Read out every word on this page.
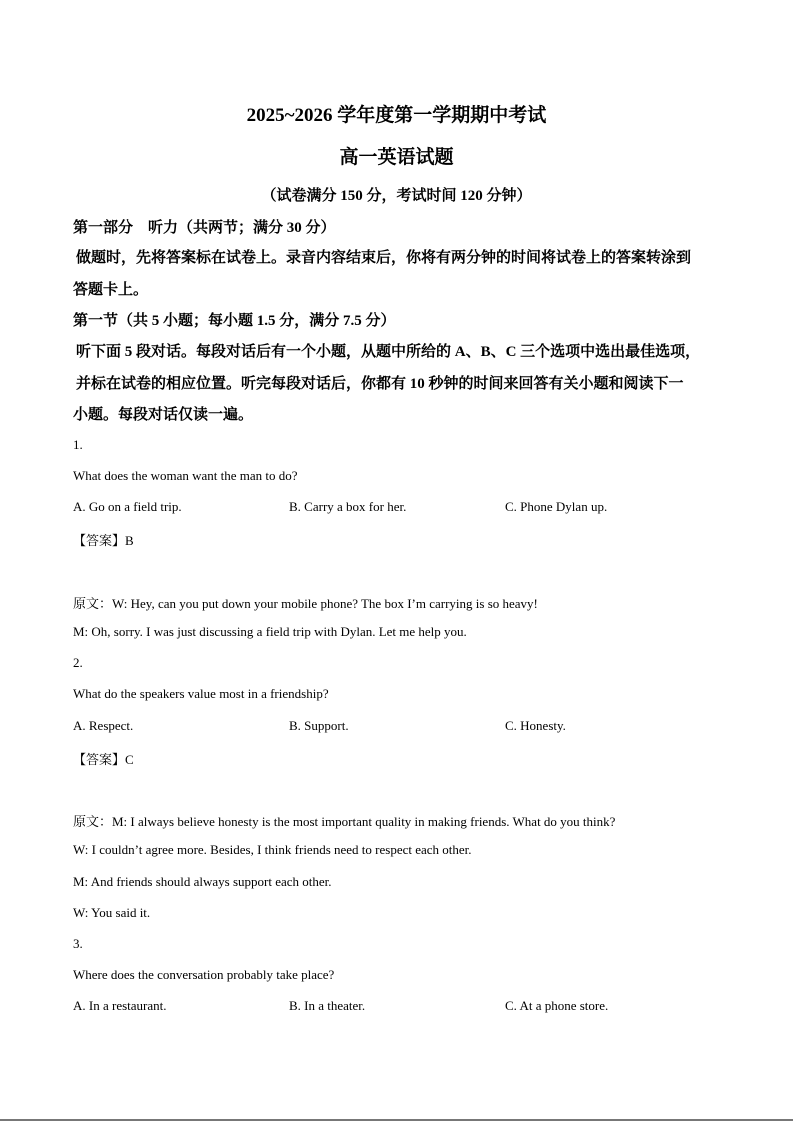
2025~2026 学年度第一学期期中考试
高一英语试题
（试卷满分 150 分，考试时间 120 分钟）
第一部分　听力（共两节；满分 30 分）
做题时，先将答案标在试卷上。录音内容结束后，你将有两分钟的时间将试卷上的答案转涂到
答题卡上。
第一节（共 5 小题；每小题 1.5 分，满分 7.5 分）
听下面 5 段对话。每段对话后有一个小题，从题中所给的 A、B、C 三个选项中选出最佳选项，
并标在试卷的相应位置。听完每段对话后，你都有 10 秒钟的时间来回答有关小题和阅读下一
小题。每段对话仅读一遍。
1.
What does the woman want the man to do?
A. Go on a field trip.	B. Carry a box for her.	C. Phone Dylan up.
【答案】B
原文：W: Hey, can you put down your mobile phone? The box I’m carrying is so heavy!
M: Oh, sorry. I was just discussing a field trip with Dylan. Let me help you.
2.
What do the speakers value most in a friendship?
A. Respect.	B. Support.	C. Honesty.
【答案】C
原文：M: I always believe honesty is the most important quality in making friends. What do you think?
W: I couldn’t agree more. Besides, I think friends need to respect each other.
M: And friends should always support each other.
W: You said it.
3.
Where does the conversation probably take place?
A. In a restaurant.	B. In a theater.	C. At a phone store.
